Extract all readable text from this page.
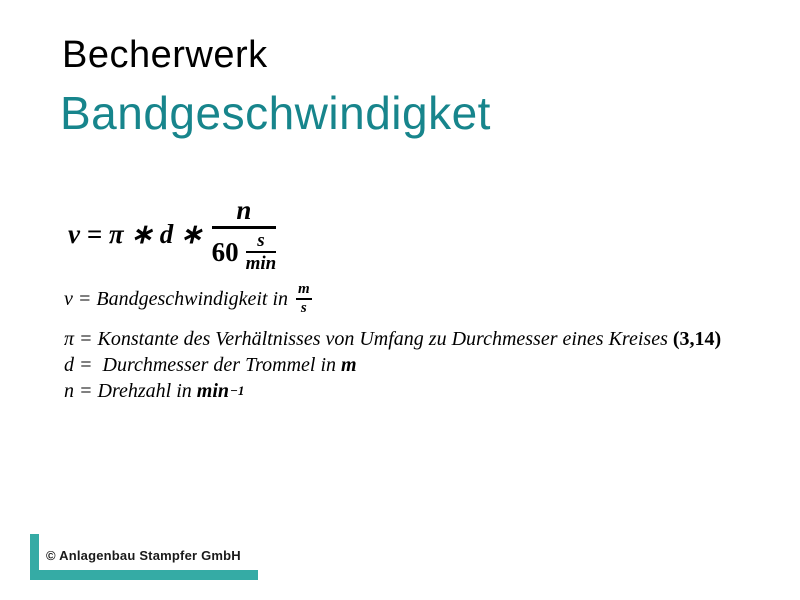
Becherwerk
Bandgeschwindigket
v = π ∗ d ∗ $\frac{n}{60 \frac{s}{\min}}$
v = Bandgeschwindigkeit in $\frac{m}{s}$
π = Konstante des Verhältnisses von Umfang zu Durchmesser eines Kreises (3,14)
d =  Durchmesser der Trommel in m
n = Drehzahl in min −1
© Anlagenbau Stampfer GmbH
